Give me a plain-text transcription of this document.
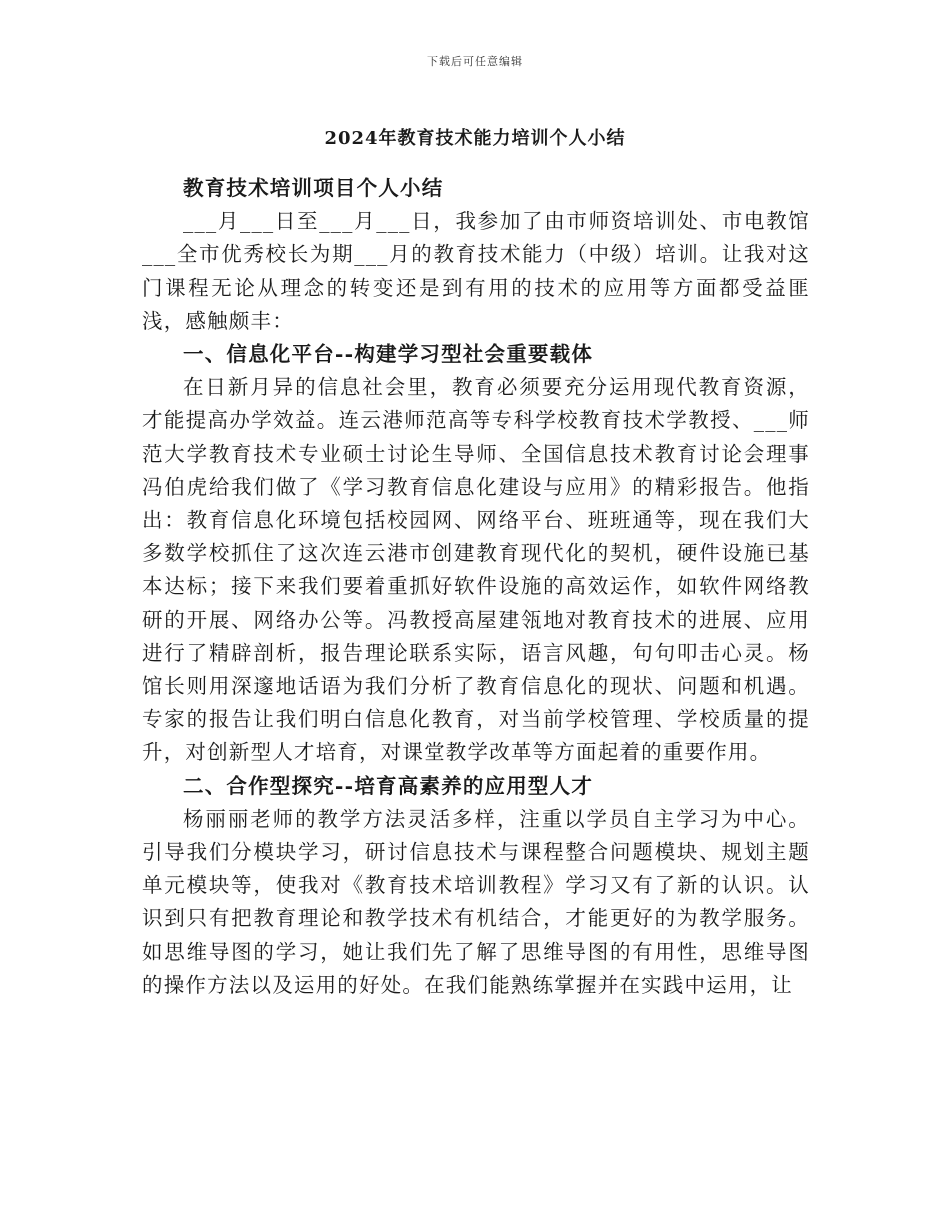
下载后可任意编辑
2024年教育技术能力培训个人小结
教育技术培训项目个人小结

___月___日至___月___日，我参加了由市师资培训处、市电教馆___全市优秀校长为期___月的教育技术能力（中级）培训。让我对这门课程无论从理念的转变还是到有用的技术的应用等方面都受益匪浅，感触颇丰：

一、信息化平台--构建学习型社会重要载体

在日新月异的信息社会里，教育必须要充分运用现代教育资源，才能提高办学效益。连云港师范高等专科学校教育技术学教授、___师范大学教育技术专业硕士讨论生导师、全国信息技术教育讨论会理事冯伯虎给我们做了《学习教育信息化建设与应用》的精彩报告。他指出：教育信息化环境包括校园网、网络平台、班班通等，现在我们大多数学校抓住了这次连云港市创建教育现代化的契机，硬件设施已基本达标；接下来我们要着重抓好软件设施的高效运作，如软件网络教研的开展、网络办公等。冯教授高屋建瓴地对教育技术的进展、应用进行了精辟剖析，报告理论联系实际，语言风趣，句句叩击心灵。杨馆长则用深邃地话语为我们分析了教育信息化的现状、问题和机遇。专家的报告让我们明白信息化教育，对当前学校管理、学校质量的提升，对创新型人才培育，对课堂教学改革等方面起着的重要作用。

二、合作型探究--培育高素养的应用型人才

杨丽丽老师的教学方法灵活多样，注重以学员自主学习为中心。引导我们分模块学习，研讨信息技术与课程整合问题模块、规划主题单元模块等，使我对《教育技术培训教程》学习又有了新的认识。认识到只有把教育理论和教学技术有机结合，才能更好的为教学服务。如思维导图的学习，她让我们先了解了思维导图的有用性，思维导图的操作方法以及运用的好处。在我们能熟练掌握并在实践中运用，让
